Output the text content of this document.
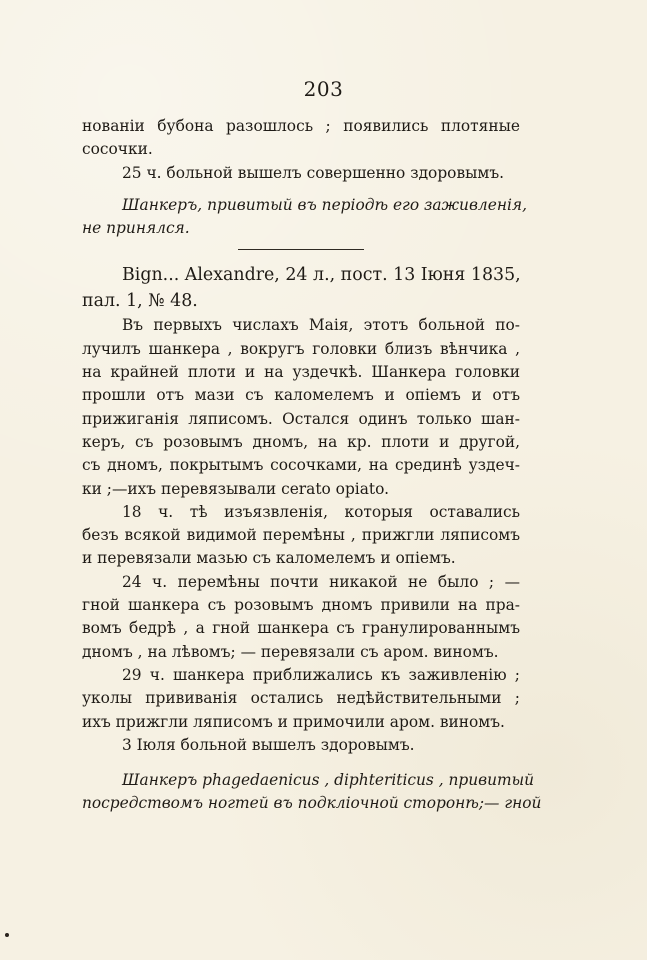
203
нованіи бубона разошлось ; появились плотяные
сосочки.
25 ч. больной вышелъ совершенно здоровымъ.
Шанкеръ, привитый въ періодѣ его заживленія,
не принялся.
Bign... Alexandre, 24 л., пост. 13 Іюня 1835,
пал. 1, № 48.
Въ первыхъ числахъ Маія, этотъ больной по-
лучилъ шанкера , вокругъ головки близъ вѣнчика ,
на крайней плоти и на уздечкѣ. Шанкера головки
прошли отъ мази съ каломелемъ и опіемъ и отъ
прижиганія ляписомъ. Остался одинъ только шан-
керъ, съ розовымъ дномъ, на кр. плоти и другой,
съ дномъ, покрытымъ сосочками, на срединѣ уздеч-
ки ;—ихъ перевязывали cerato opiato.
18 ч. тѣ изъязвленія, которыя оставались
безъ всякой видимой перемѣны , прижгли ляписомъ
и перевязали мазью съ каломелемъ и опіемъ.
24 ч. перемѣны почти никакой не было ; —
гной шанкера съ розовымъ дномъ привили на пра-
вомъ бедрѣ , а гной шанкера съ гранулированнымъ
дномъ , на лѣвомъ; — перевязали съ аром. виномъ.
29 ч. шанкера приближались къ заживленію ;
уколы прививанія остались недѣйствительными ;
ихъ прижгли ляписомъ и примочили аром. виномъ.
3 Іюля больной вышелъ здоровымъ.
Шанкеръ phagedaenicus , diphteriticus , привитый
посредствомъ ногтей въ подкліочной сторонѣ;— гной
